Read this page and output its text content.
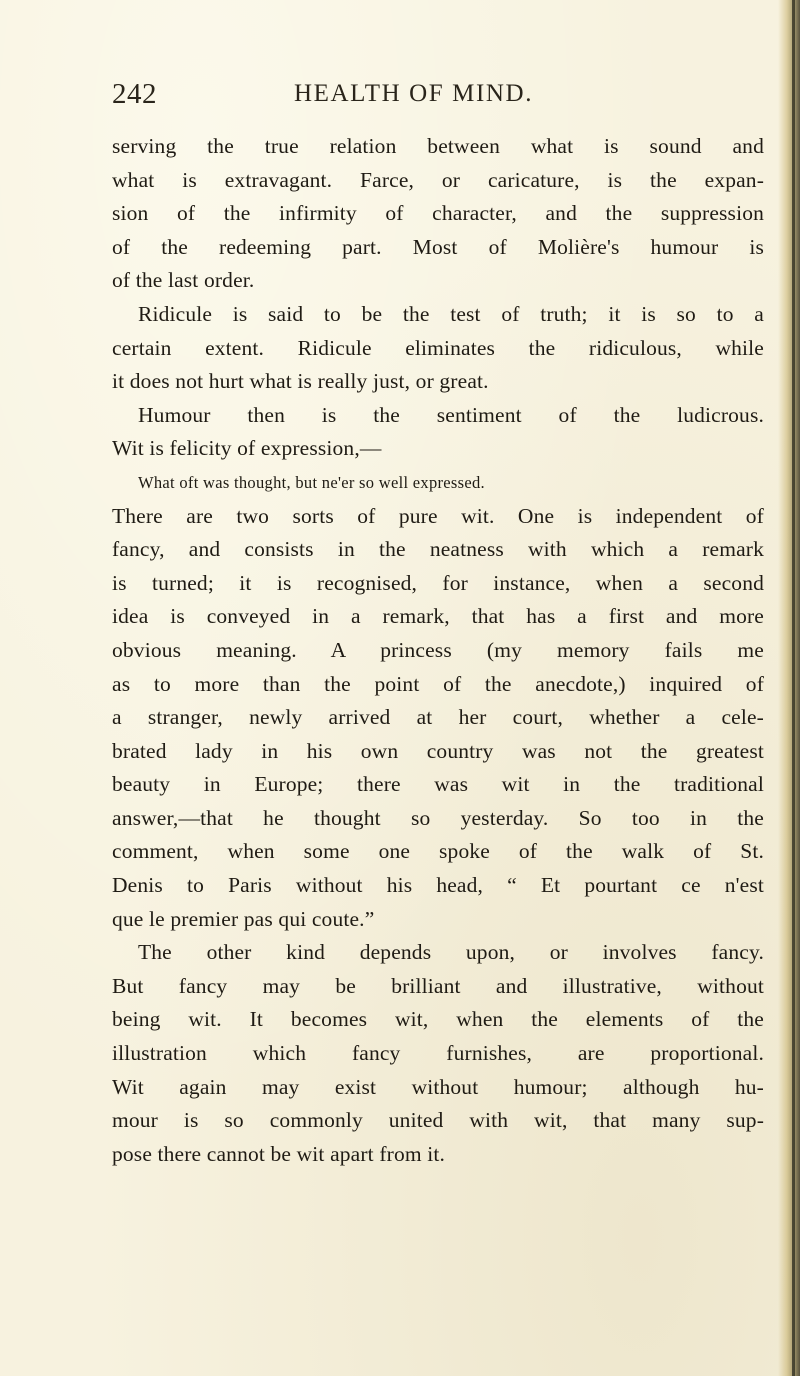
242	HEALTH OF MIND.
serving the true relation between what is sound and
what is extravagant. Farce, or caricature, is the expan-
sion of the infirmity of character, and the suppression
of the redeeming part. Most of Molière's humour is
of the last order.
Ridicule is said to be the test of truth; it is so to a
certain extent. Ridicule eliminates the ridiculous, while
it does not hurt what is really just, or great.
Humour then is the sentiment of the ludicrous.
Wit is felicity of expression,—
What oft was thought, but ne'er so well expressed.
There are two sorts of pure wit. One is independent of
fancy, and consists in the neatness with which a remark
is turned; it is recognised, for instance, when a second
idea is conveyed in a remark, that has a first and more
obvious meaning. A princess (my memory fails me
as to more than the point of the anecdote,) inquired of
a stranger, newly arrived at her court, whether a cele-
brated lady in his own country was not the greatest
beauty in Europe; there was wit in the traditional
answer,—that he thought so yesterday. So too in the
comment, when some one spoke of the walk of St.
Denis to Paris without his head, “ Et pourtant ce n'est
que le premier pas qui coute.”
The other kind depends upon, or involves fancy.
But fancy may be brilliant and illustrative, without
being wit. It becomes wit, when the elements of the
illustration which fancy furnishes, are proportional.
Wit again may exist without humour; although hu-
mour is so commonly united with wit, that many sup-
pose there cannot be wit apart from it.
